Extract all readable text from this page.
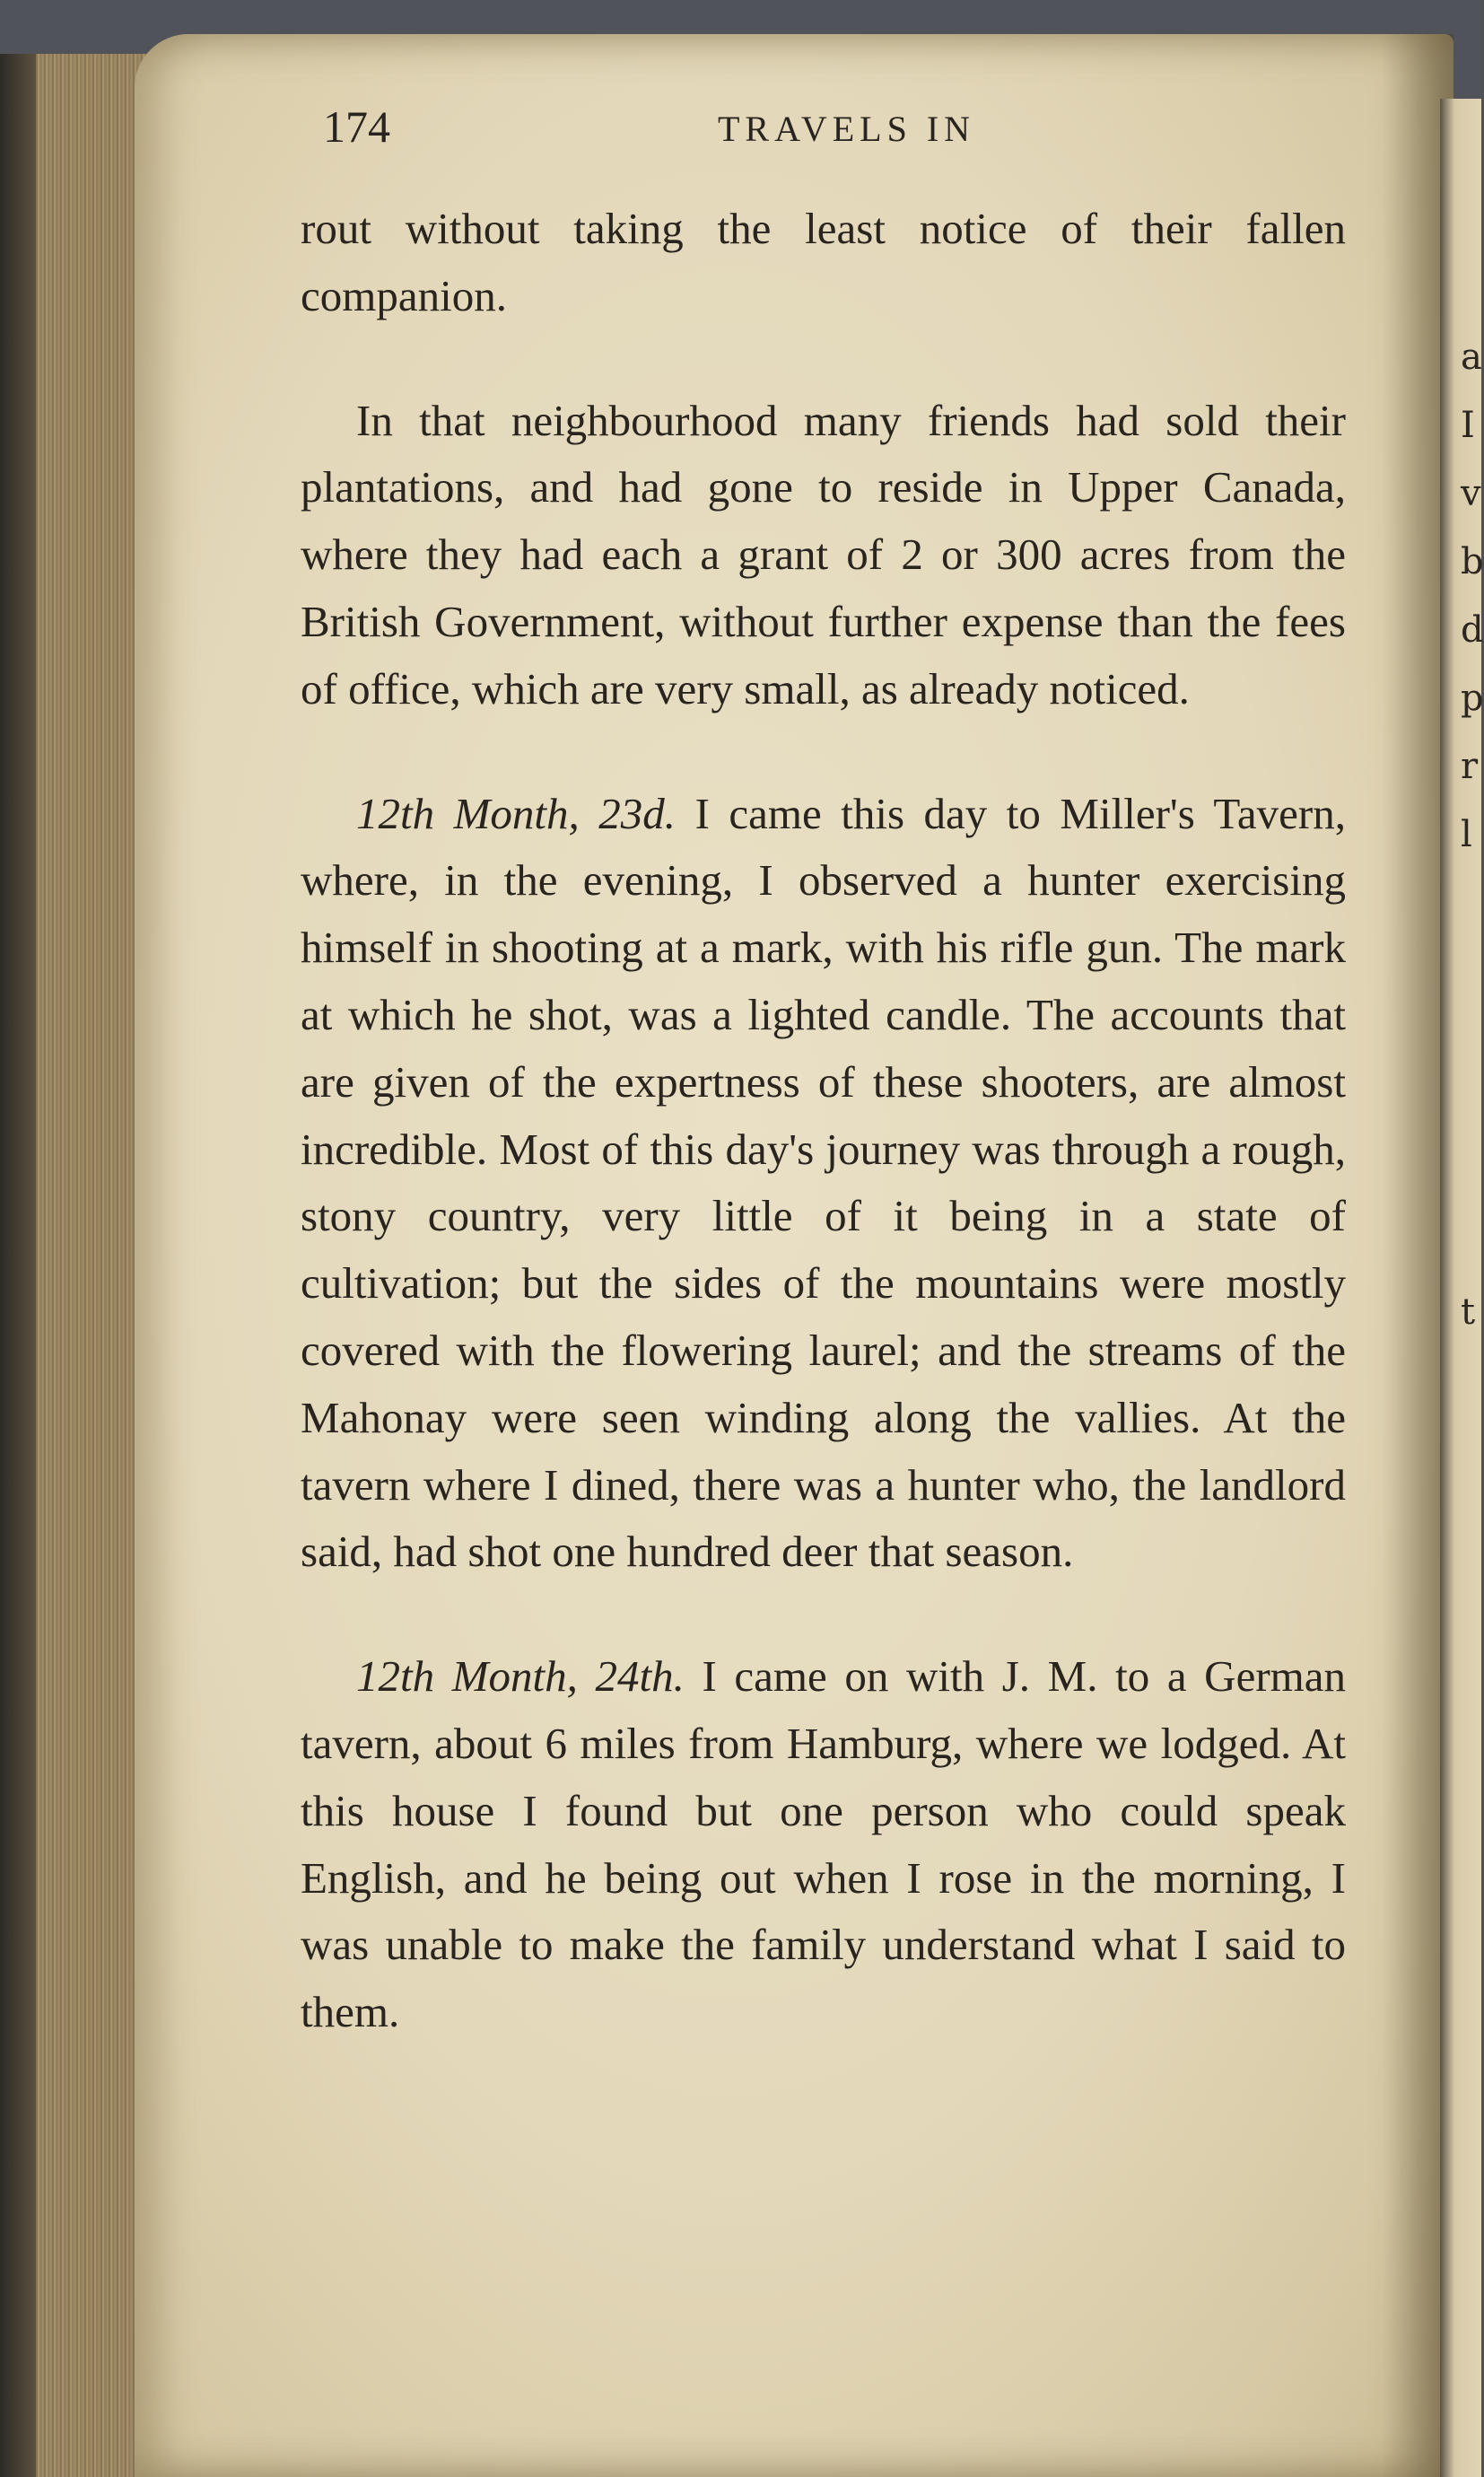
a
I
v
b
d
p
r
l

t
174	TRAVELS IN

rout without taking the least notice of their fallen companion.

In that neighbourhood many friends had sold their plantations, and had gone to reside in Upper Canada, where they had each a grant of 2 or 300 acres from the British Government, without further expense than the fees of office, which are very small, as already noticed.

12th Month, 23d. I came this day to Miller's Tavern, where, in the evening, I observed a hunter exercising himself in shooting at a mark, with his rifle gun. The mark at which he shot, was a lighted candle. The accounts that are given of the expertness of these shooters, are almost incredible. Most of this day's journey was through a rough, stony country, very little of it being in a state of cultivation; but the sides of the mountains were mostly covered with the flowering laurel; and the streams of the Mahonay were seen winding along the vallies. At the tavern where I dined, there was a hunter who, the landlord said, had shot one hundred deer that season.

12th Month, 24th. I came on with J. M. to a German tavern, about 6 miles from Hamburg, where we lodged. At this house I found but one person who could speak English, and he being out when I rose in the morning, I was unable to make the family understand what I said to them.
